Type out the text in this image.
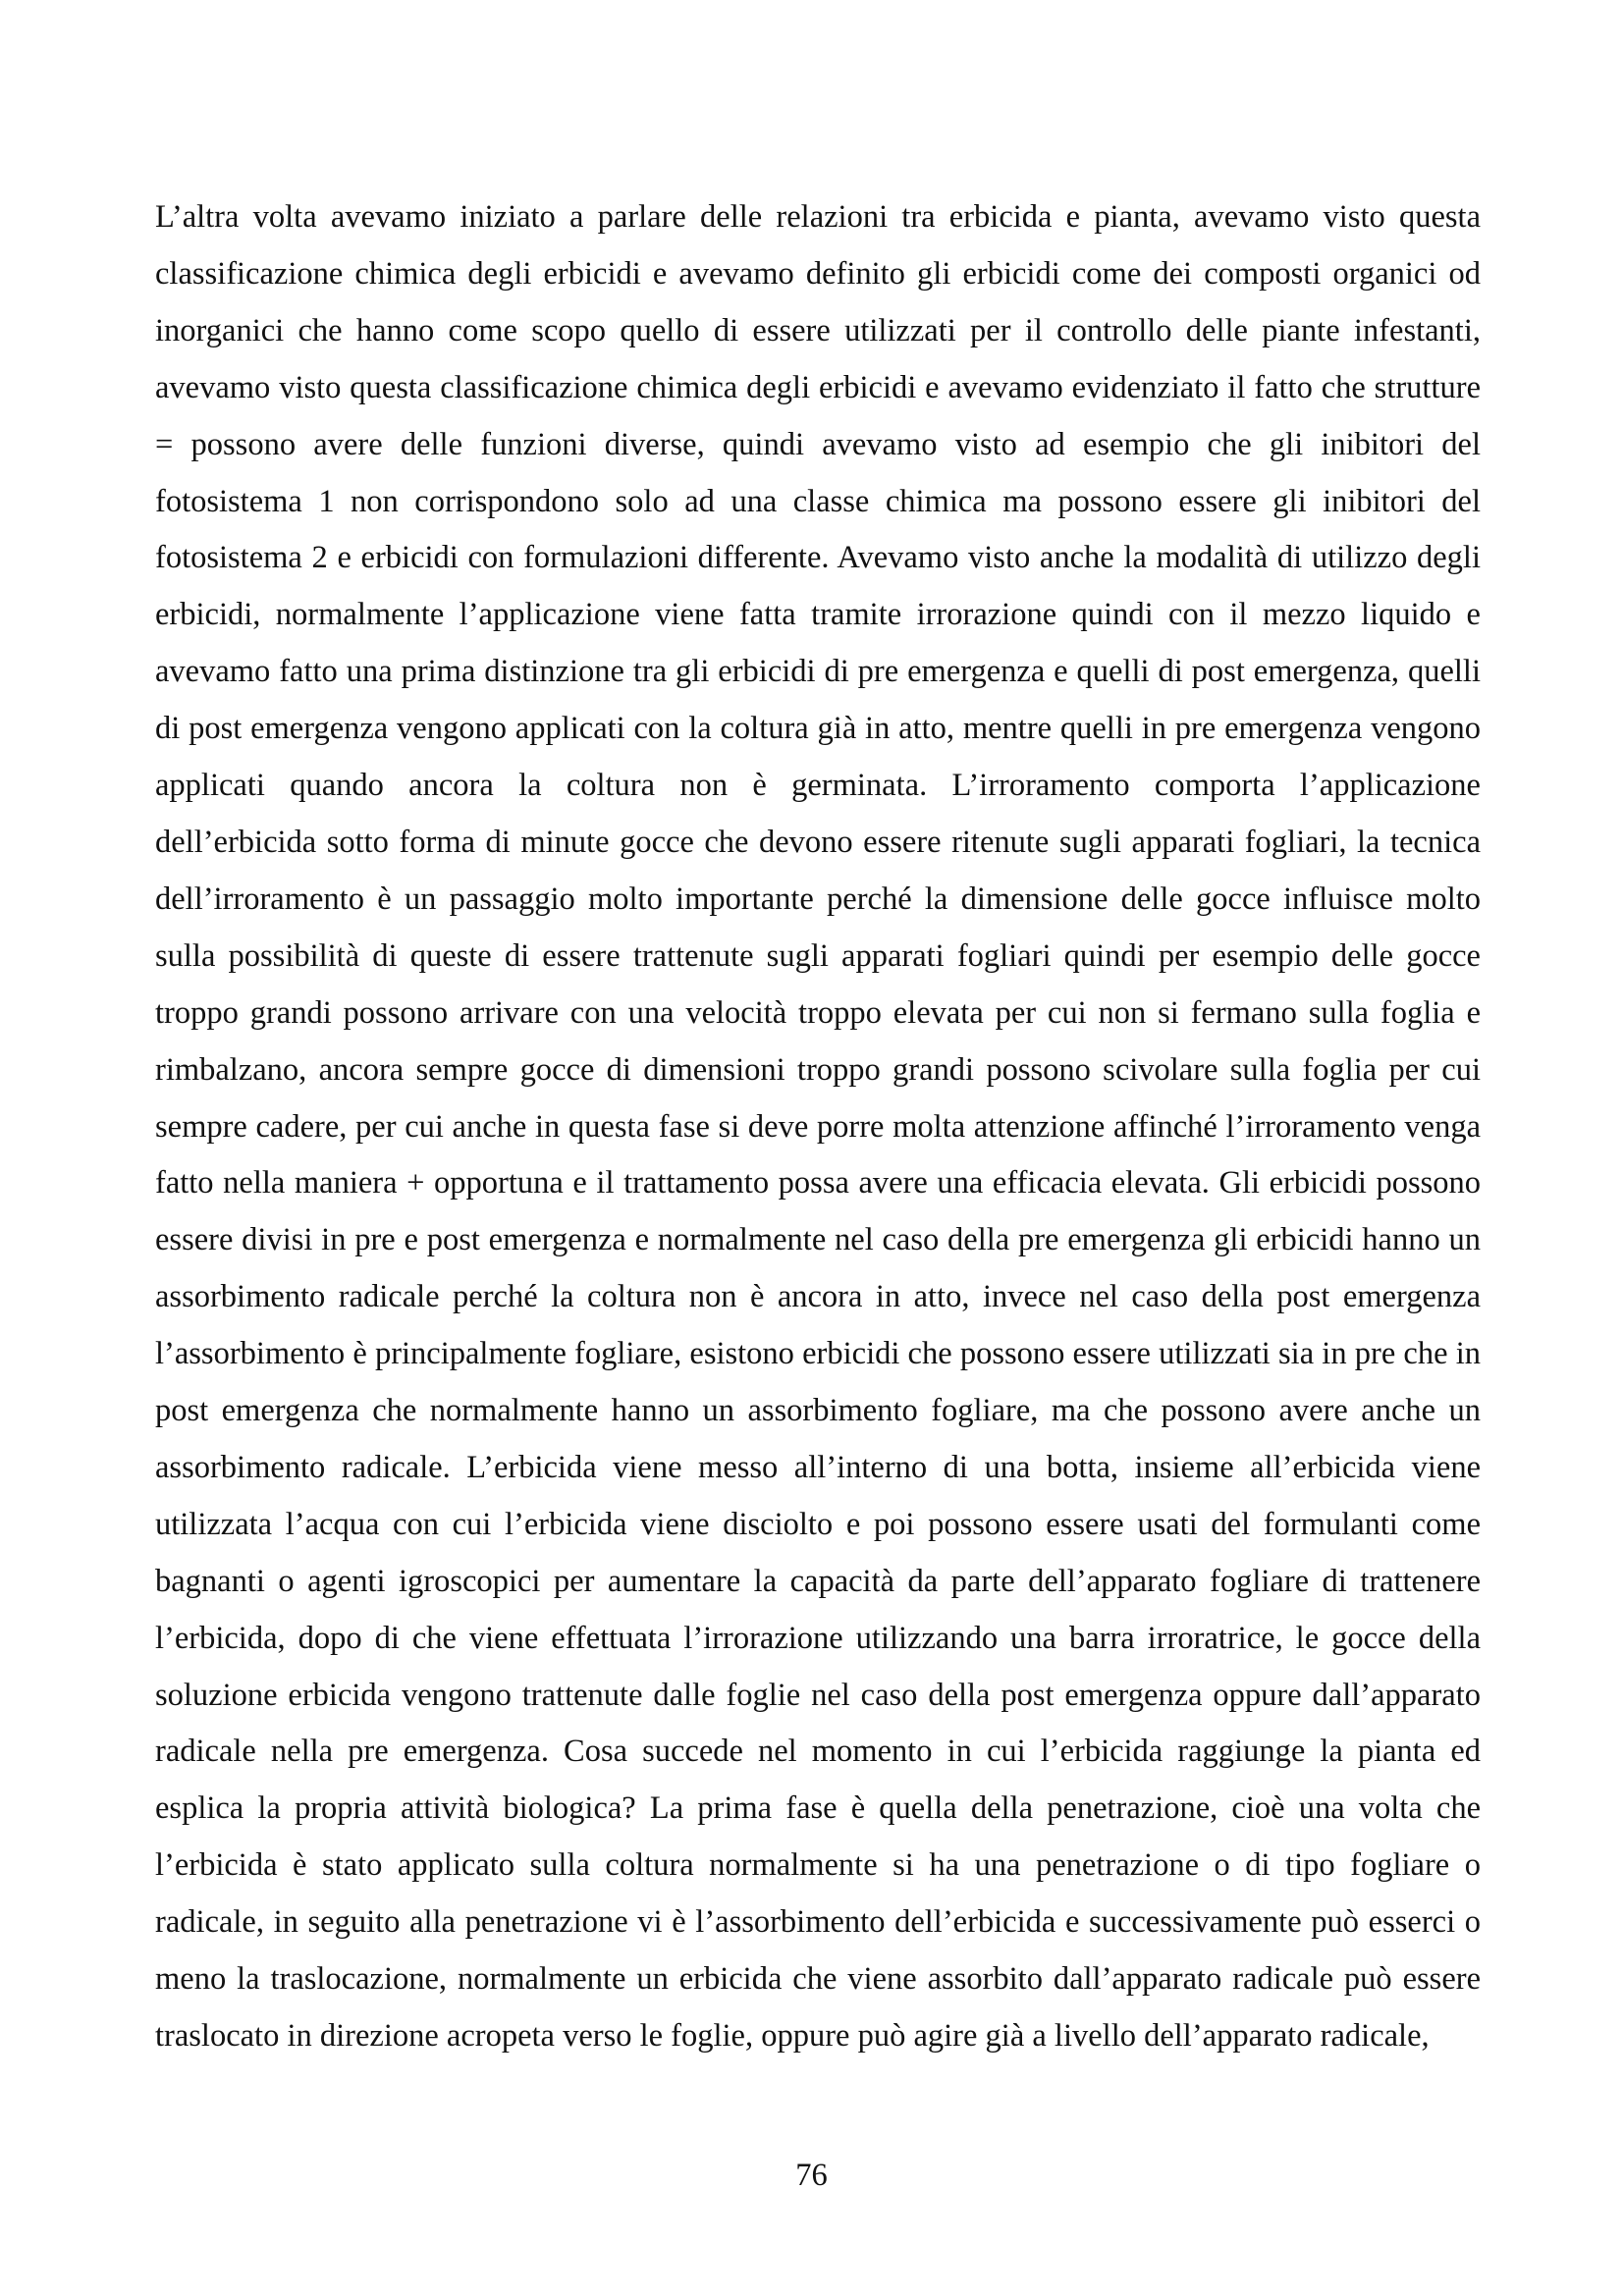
L’altra volta avevamo iniziato a parlare delle relazioni tra erbicida e pianta, avevamo visto questa classificazione chimica degli erbicidi e avevamo definito gli erbicidi come dei composti organici od inorganici che hanno come scopo quello di essere utilizzati per il controllo delle piante infestanti, avevamo visto questa classificazione chimica degli erbicidi e avevamo evidenziato il fatto che strutture = possono avere delle funzioni diverse, quindi avevamo visto ad esempio che gli inibitori del fotosistema 1 non corrispondono solo ad una classe chimica ma possono essere gli inibitori del fotosistema 2 e erbicidi con formulazioni differente. Avevamo visto anche la modalità di utilizzo degli erbicidi, normalmente l’applicazione viene fatta tramite irrorazione quindi con il mezzo liquido e avevamo fatto una prima distinzione tra gli erbicidi di pre emergenza e quelli di post emergenza, quelli di post emergenza vengono applicati con la coltura già in atto, mentre quelli in pre emergenza vengono applicati quando ancora la coltura non è germinata. L’irroramento comporta l’applicazione dell’erbicida sotto forma di minute gocce che devono essere ritenute sugli apparati fogliari, la tecnica dell’irroramento è un passaggio molto importante perché la dimensione delle gocce influisce molto sulla possibilità di queste di essere trattenute sugli apparati fogliari quindi per esempio delle gocce troppo grandi possono arrivare con una velocità troppo elevata per cui non si fermano sulla foglia e rimbalzano, ancora sempre gocce di dimensioni troppo grandi possono scivolare sulla foglia per cui sempre cadere, per cui anche in questa fase si deve porre molta attenzione affinché l’irroramento venga fatto nella maniera + opportuna e il trattamento possa avere una efficacia elevata. Gli erbicidi possono essere divisi in pre e post emergenza e normalmente nel caso della pre emergenza gli erbicidi hanno un assorbimento radicale perché la coltura non è ancora in atto, invece nel caso della post emergenza l’assorbimento è principalmente fogliare, esistono erbicidi che possono essere utilizzati sia in pre che in post emergenza che normalmente hanno un assorbimento fogliare, ma che possono avere anche un assorbimento radicale. L’erbicida viene messo all’interno di una botta, insieme all’erbicida viene utilizzata l’acqua con cui l’erbicida viene disciolto e poi possono essere usati del formulanti come bagnanti o agenti igroscopici per aumentare la capacità da parte dell’apparato fogliare di trattenere l’erbicida, dopo di che viene effettuata l’irrorazione utilizzando una barra irroratrice, le gocce della soluzione erbicida vengono trattenute dalle foglie nel caso della post emergenza oppure dall’apparato radicale nella pre emergenza. Cosa succede nel momento in cui l’erbicida raggiunge la pianta ed esplica la propria attività biologica? La prima fase è quella della penetrazione, cioè una volta che l’erbicida è stato applicato sulla coltura normalmente si ha una penetrazione o di tipo fogliare o radicale, in seguito alla penetrazione vi è l’assorbimento dell’erbicida e successivamente può esserci o meno la traslocazione, normalmente un erbicida che viene assorbito dall’apparato radicale può essere traslocato in direzione acropeta verso le foglie, oppure può agire già a livello dell’apparato radicale,

76
